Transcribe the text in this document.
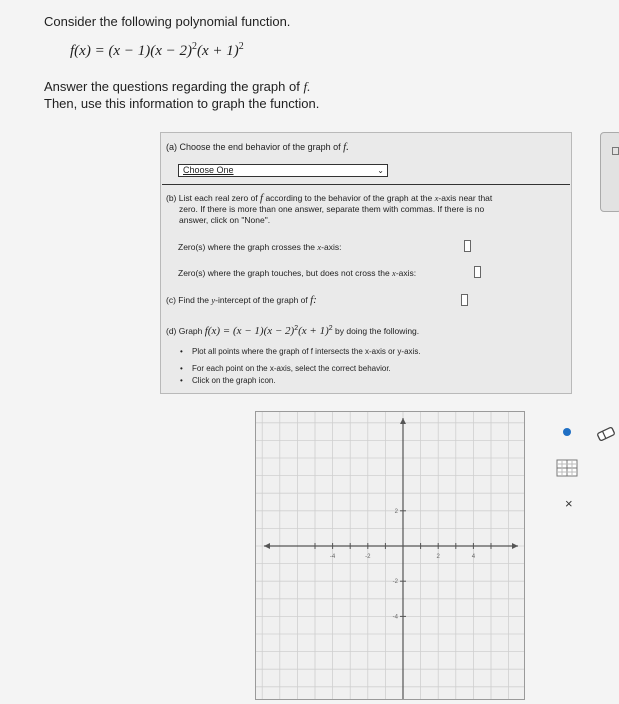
Consider the following polynomial function.
$f(x) = (x - 1)(x - 2)^2(x + 1)^2$
Answer the questions regarding the graph of f.
Then, use this information to graph the function.
(a) Choose the end behavior of the graph of f.
Choose One	⌄
(b) List each real zero of f according to the behavior of the graph at the x-axis near that
zero. If there is more than one answer, separate them with commas. If there is no
answer, click on "None".
Zero(s) where the graph crosses the x-axis:
Zero(s) where the graph touches, but does not cross the x-axis:
(c) Find the y-intercept of the graph of f:
(d) Graph $f(x) = (x - 1)(x - 2)^2(x + 1)^2$ by doing the following.
• Plot all points where the graph of f intersects the x-axis or y-axis.
• For each point on the x-axis, select the correct behavior.
• Click on the graph icon.
-4	-2	2	4
2
-2
-4
×
